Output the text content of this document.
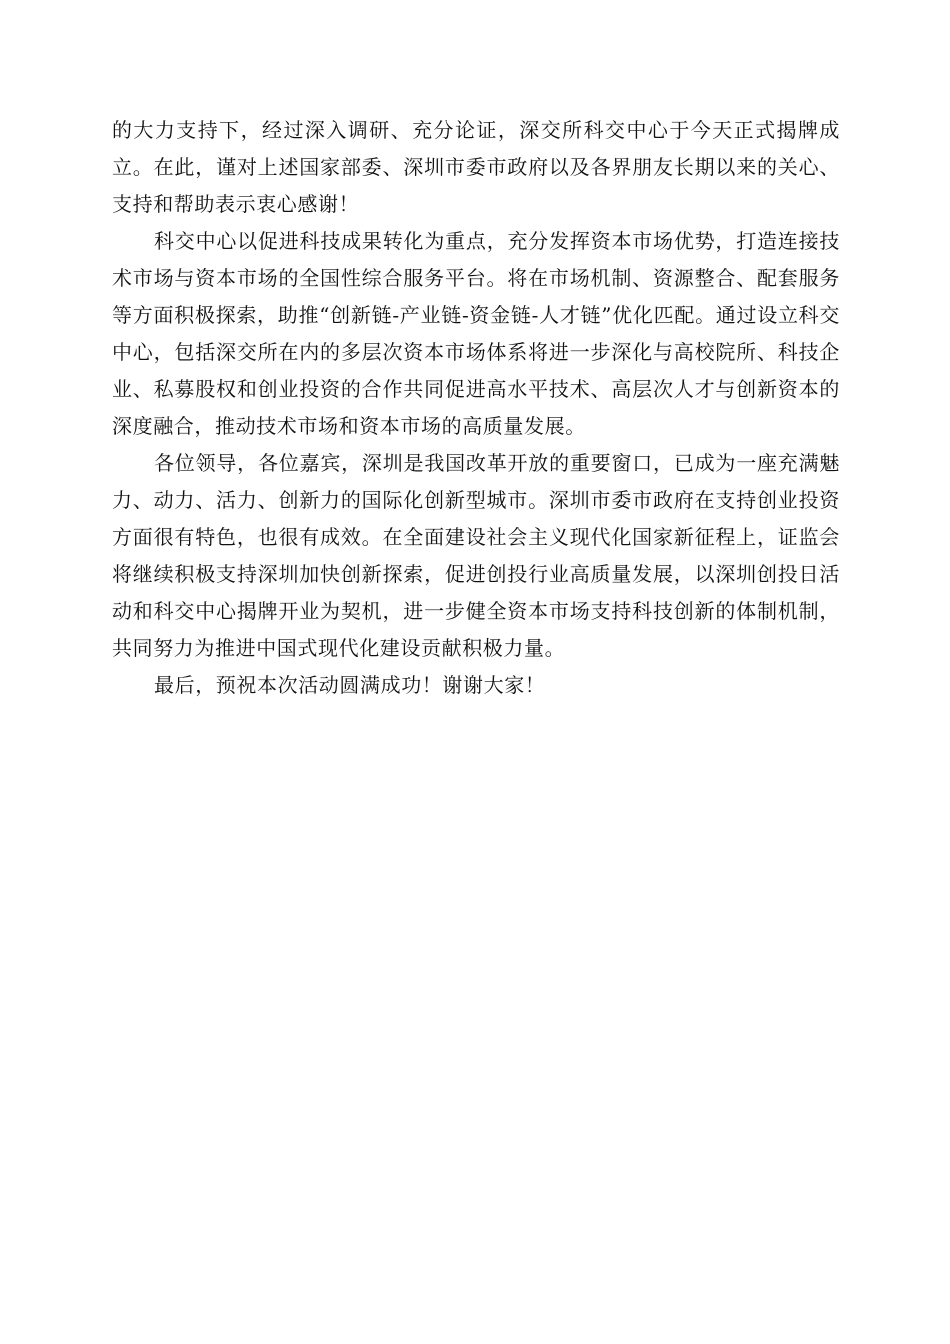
的大力支持下，经过深入调研、充分论证，深交所科交中心于今天正式揭牌成立。在此，谨对上述国家部委、深圳市委市政府以及各界朋友长期以来的关心、支持和帮助表示衷心感谢！

科交中心以促进科技成果转化为重点，充分发挥资本市场优势，打造连接技术市场与资本市场的全国性综合服务平台。将在市场机制、资源整合、配套服务等方面积极探索，助推“创新链-产业链-资金链-人才链”优化匹配。通过设立科交中心，包括深交所在内的多层次资本市场体系将进一步深化与高校院所、科技企业、私募股权和创业投资的合作共同促进高水平技术、高层次人才与创新资本的深度融合，推动技术市场和资本市场的高质量发展。

各位领导，各位嘉宾，深圳是我国改革开放的重要窗口，已成为一座充满魅力、动力、活力、创新力的国际化创新型城市。深圳市委市政府在支持创业投资方面很有特色，也很有成效。在全面建设社会主义现代化国家新征程上，证监会将继续积极支持深圳加快创新探索，促进创投行业高质量发展，以深圳创投日活动和科交中心揭牌开业为契机，进一步健全资本市场支持科技创新的体制机制，共同努力为推进中国式现代化建设贡献积极力量。

最后，预祝本次活动圆满成功！谢谢大家！
